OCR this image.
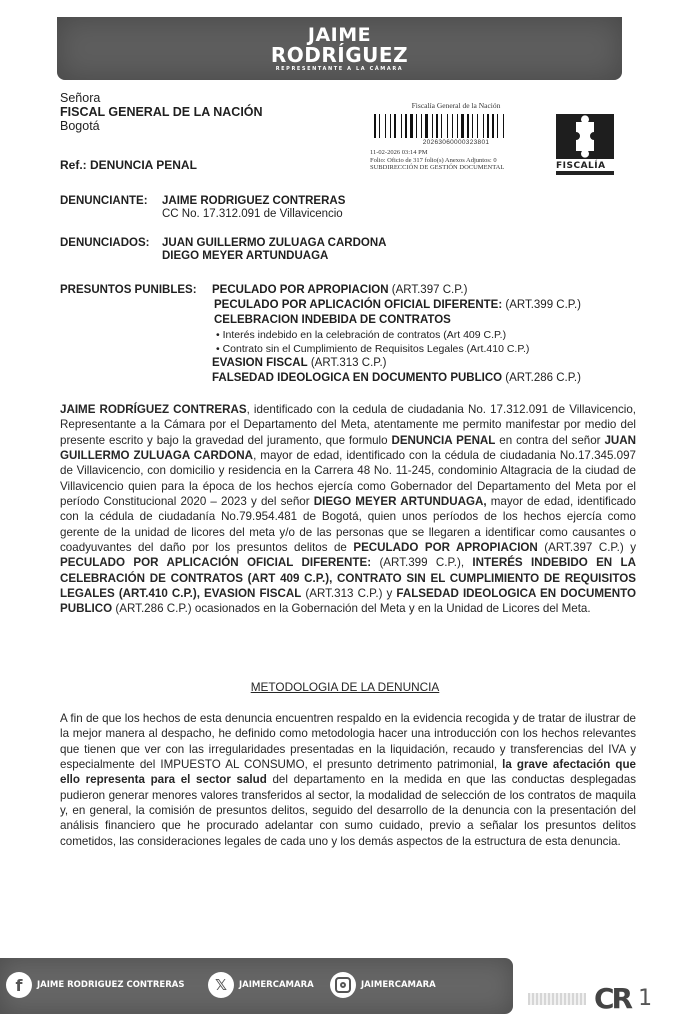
JAIME
RODRÍGUEZ
REPRESENTANTE A LA CÁMARA
Señora
FISCAL GENERAL DE LA NACIÓN
Bogotá
Ref.: DENUNCIA PENAL
Fiscalía General de la Nación
20263060000323801
11-02-2026 03:14 PM
Folio: Oficio de 317 folio(s) Anexos Adjuntos: 0
SUBDIRECCIÓN DE GESTIÓN DOCUMENTAL	FISCALÍA
DENUNCIANTE: JAIME RODRIGUEZ CONTRERAS
CC No. 17.312.091 de Villavicencio
DENUNCIADOS: JUAN GUILLERMO ZULUAGA CARDONA
DIEGO MEYER ARTUNDUAGA
PRESUNTOS PUNIBLES: PECULADO POR APROPIACION (ART.397 C.P.)
PECULADO POR APLICACIÓN OFICIAL DIFERENTE: (ART.399 C.P.)
CELEBRACION INDEBIDA DE CONTRATOS
• Interés indebido en la celebración de contratos (Art 409 C.P.)
• Contrato sin el Cumplimiento de Requisitos Legales (Art.410 C.P.)
EVASION FISCAL (ART.313 C.P.)
FALSEDAD IDEOLOGICA EN DOCUMENTO PUBLICO (ART.286 C.P.)
JAIME RODRÍGUEZ CONTRERAS, identificado con la cedula de ciudadania No. 17.312.091 de Villavicencio, Representante a la Cámara por el Departamento del Meta, atentamente me permito manifestar por medio del presente escrito y bajo la gravedad del juramento, que formulo DENUNCIA PENAL en contra del señor JUAN GUILLERMO ZULUAGA CARDONA, mayor de edad, identificado con la cédula de ciudadania No.17.345.097 de Villavicencio, con domicilio y residencia en la Carrera 48 No. 11-245, condominio Altagracia de la ciudad de Villavicencio quien para la época de los hechos ejercía como Gobernador del Departamento del Meta por el período Constitucional 2020 – 2023 y del señor DIEGO MEYER ARTUNDUAGA, mayor de edad, identificado con la cédula de ciudadanía No.79.954.481 de Bogotá, quien unos períodos de los hechos ejercía como gerente de la unidad de licores del meta y/o de las personas que se llegaren a identificar como causantes o coadyuvantes del daño por los presuntos delitos de PECULADO POR APROPIACION (ART.397 C.P.) y PECULADO POR APLICACIÓN OFICIAL DIFERENTE: (ART.399 C.P.), INTERÉS INDEBIDO EN LA CELEBRACIÓN DE CONTRATOS (ART 409 C.P.), CONTRATO SIN EL CUMPLIMIENTO DE REQUISITOS LEGALES (ART.410 C.P.), EVASION FISCAL (ART.313 C.P.) y FALSEDAD IDEOLOGICA EN DOCUMENTO PUBLICO (ART.286 C.P.) ocasionados en la Gobernación del Meta y en la Unidad de Licores del Meta.
METODOLOGIA DE LA DENUNCIA
A fin de que los hechos de esta denuncia encuentren respaldo en la evidencia recogida y de tratar de ilustrar de la mejor manera al despacho, he definido como metodologia hacer una introducción con los hechos relevantes que tienen que ver con las irregularidades presentadas en la liquidación, recaudo y transferencias del IVA y especialmente del IMPUESTO AL CONSUMO, el presunto detrimento patrimonial, la grave afectación que ello representa para el sector salud del departamento en la medida en que las conductas desplegadas pudieron generar menores valores transferidos al sector, la modalidad de selección de los contratos de maquila y, en general, la comisión de presuntos delitos, seguido del desarrollo de la denuncia con la presentación del análisis financiero que he procurado adelantar con sumo cuidado, previo a señalar los presuntos delitos cometidos, las consideraciones legales de cada uno y los demás aspectos de la estructura de esta denuncia.
f	JAIME RODRIGUEZ CONTRERAS	𝕏	JAIMERCAMARA	JAIMERCAMARA	CR 1
